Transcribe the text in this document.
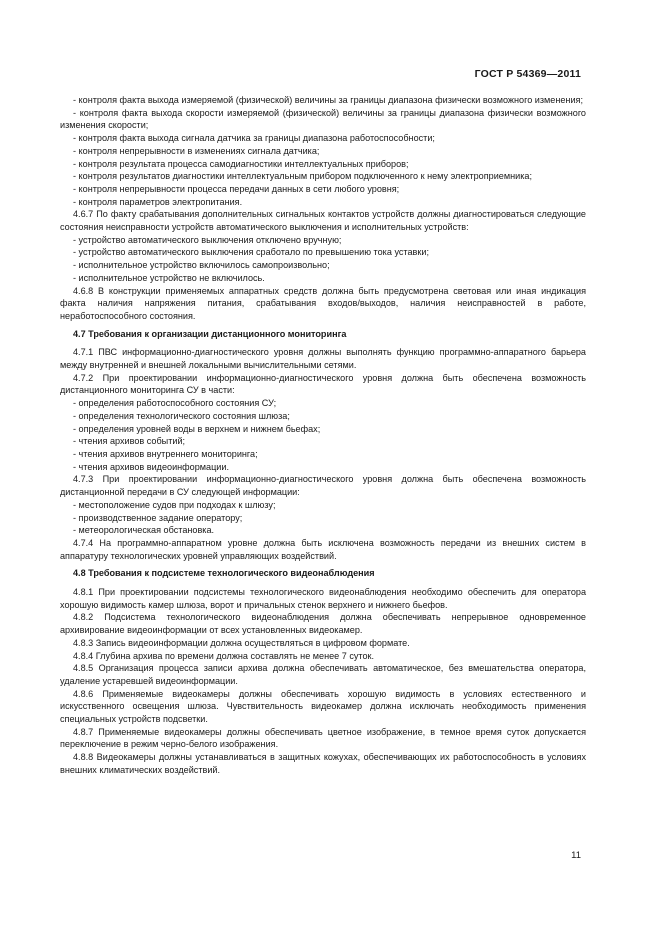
ГОСТ Р 54369—2011

- контроля факта выхода измеряемой (физической) величины за границы диапазона физически возможного изменения;

- контроля факта выхода скорости измеряемой (физической) величины за границы диапазона физически возможного изменения скорости;

- контроля факта выхода сигнала датчика за границы диапазона работоспособности;

- контроля непрерывности в изменениях сигнала датчика;

- контроля результата процесса самодиагностики интеллектуальных приборов;

- контроля результатов диагностики интеллектуальным прибором подключенного к нему электроприемника;

- контроля непрерывности процесса передачи данных в сети любого уровня;

- контроля параметров электропитания.

4.6.7 По факту срабатывания дополнительных сигнальных контактов устройств должны диагностироваться следующие состояния неисправности устройств автоматического выключения и исполнительных устройств:

- устройство автоматического выключения отключено вручную;

- устройство автоматического выключения сработало по превышению тока уставки;

- исполнительное устройство включилось самопроизвольно;

- исполнительное устройство не включилось.

4.6.8 В конструкции применяемых аппаратных средств должна быть предусмотрена световая или иная индикация факта наличия напряжения питания, срабатывания входов/выходов, наличия неисправностей в работе, неработоспособного состояния.

4.7 Требования к организации дистанционного мониторинга

4.7.1 ПВС информационно-диагностического уровня должны выполнять функцию программно-аппаратного барьера между внутренней и внешней локальными вычислительными сетями.

4.7.2 При проектировании информационно-диагностического уровня должна быть обеспечена возможность дистанционного мониторинга СУ в части:

- определения работоспособного состояния СУ;

- определения технологического состояния шлюза;

- определения уровней воды в верхнем и нижнем бьефах;

- чтения архивов событий;

- чтения архивов внутреннего мониторинга;

- чтения архивов видеоинформации.

4.7.3 При проектировании информационно-диагностического уровня должна быть обеспечена возможность дистанционной передачи в СУ следующей информации:

- местоположение судов при подходах к шлюзу;

- производственное задание оператору;

- метеорологическая обстановка.

4.7.4 На программно-аппаратном уровне должна быть исключена возможность передачи из внешних систем в аппаратуру технологических уровней управляющих воздействий.

4.8 Требования к подсистеме технологического видеонаблюдения

4.8.1 При проектировании подсистемы технологического видеонаблюдения необходимо обеспечить для оператора хорошую видимость камер шлюза, ворот и причальных стенок верхнего и нижнего бьефов.

4.8.2 Подсистема технологического видеонаблюдения должна обеспечивать непрерывное одновременное архивирование видеоинформации от всех установленных видеокамер.

4.8.3 Запись видеоинформации должна осуществляться в цифровом формате.

4.8.4 Глубина архива по времени должна составлять не менее 7 суток.

4.8.5 Организация процесса записи архива должна обеспечивать автоматическое, без вмешательства оператора, удаление устаревшей видеоинформации.

4.8.6 Применяемые видеокамеры должны обеспечивать хорошую видимость в условиях естественного и искусственного освещения шлюза. Чувствительность видеокамер должна исключать необходимость применения специальных устройств подсветки.

4.8.7 Применяемые видеокамеры должны обеспечивать цветное изображение, в темное время суток допускается переключение в режим черно-белого изображения.

4.8.8 Видеокамеры должны устанавливаться в защитных кожухах, обеспечивающих их работоспособность в условиях внешних климатических воздействий.

11
